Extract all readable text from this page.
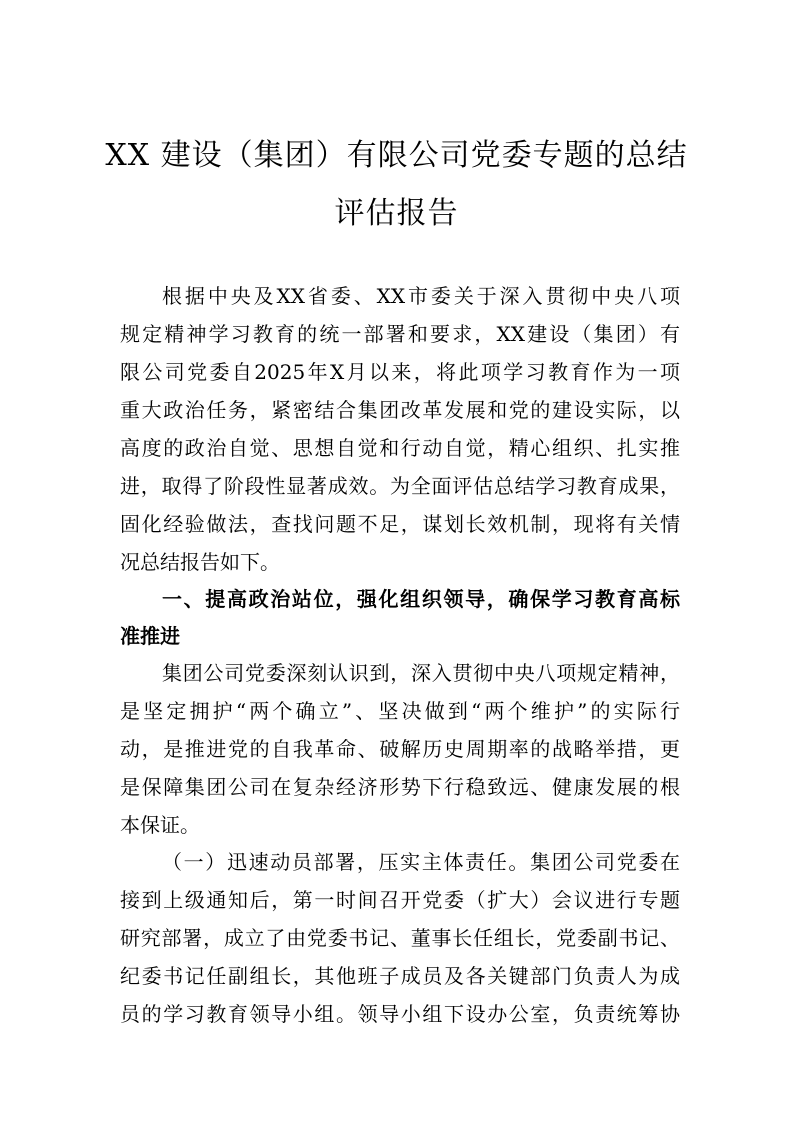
XX 建设（集团）有限公司党委专题的总结
评估报告
根据中央及XX省委、XX市委关于深入贯彻中央八项
规定精神学习教育的统一部署和要求，XX建设（集团）有
限公司党委自2025年X月以来，将此项学习教育作为一项
重大政治任务，紧密结合集团改革发展和党的建设实际，以
高度的政治自觉、思想自觉和行动自觉，精心组织、扎实推
进，取得了阶段性显著成效。为全面评估总结学习教育成果，
固化经验做法，查找问题不足，谋划长效机制，现将有关情
况总结报告如下。
一、提高政治站位，强化组织领导，确保学习教育高标
准推进
集团公司党委深刻认识到，深入贯彻中央八项规定精神，
是坚定拥护“两个确立”、坚决做到“两个维护”的实际行
动，是推进党的自我革命、破解历史周期率的战略举措，更
是保障集团公司在复杂经济形势下行稳致远、健康发展的根
本保证。
（一）迅速动员部署，压实主体责任。集团公司党委在
接到上级通知后，第一时间召开党委（扩大）会议进行专题
研究部署，成立了由党委书记、董事长任组长，党委副书记、
纪委书记任副组长，其他班子成员及各关键部门负责人为成
员的学习教育领导小组。领导小组下设办公室，负责统筹协
